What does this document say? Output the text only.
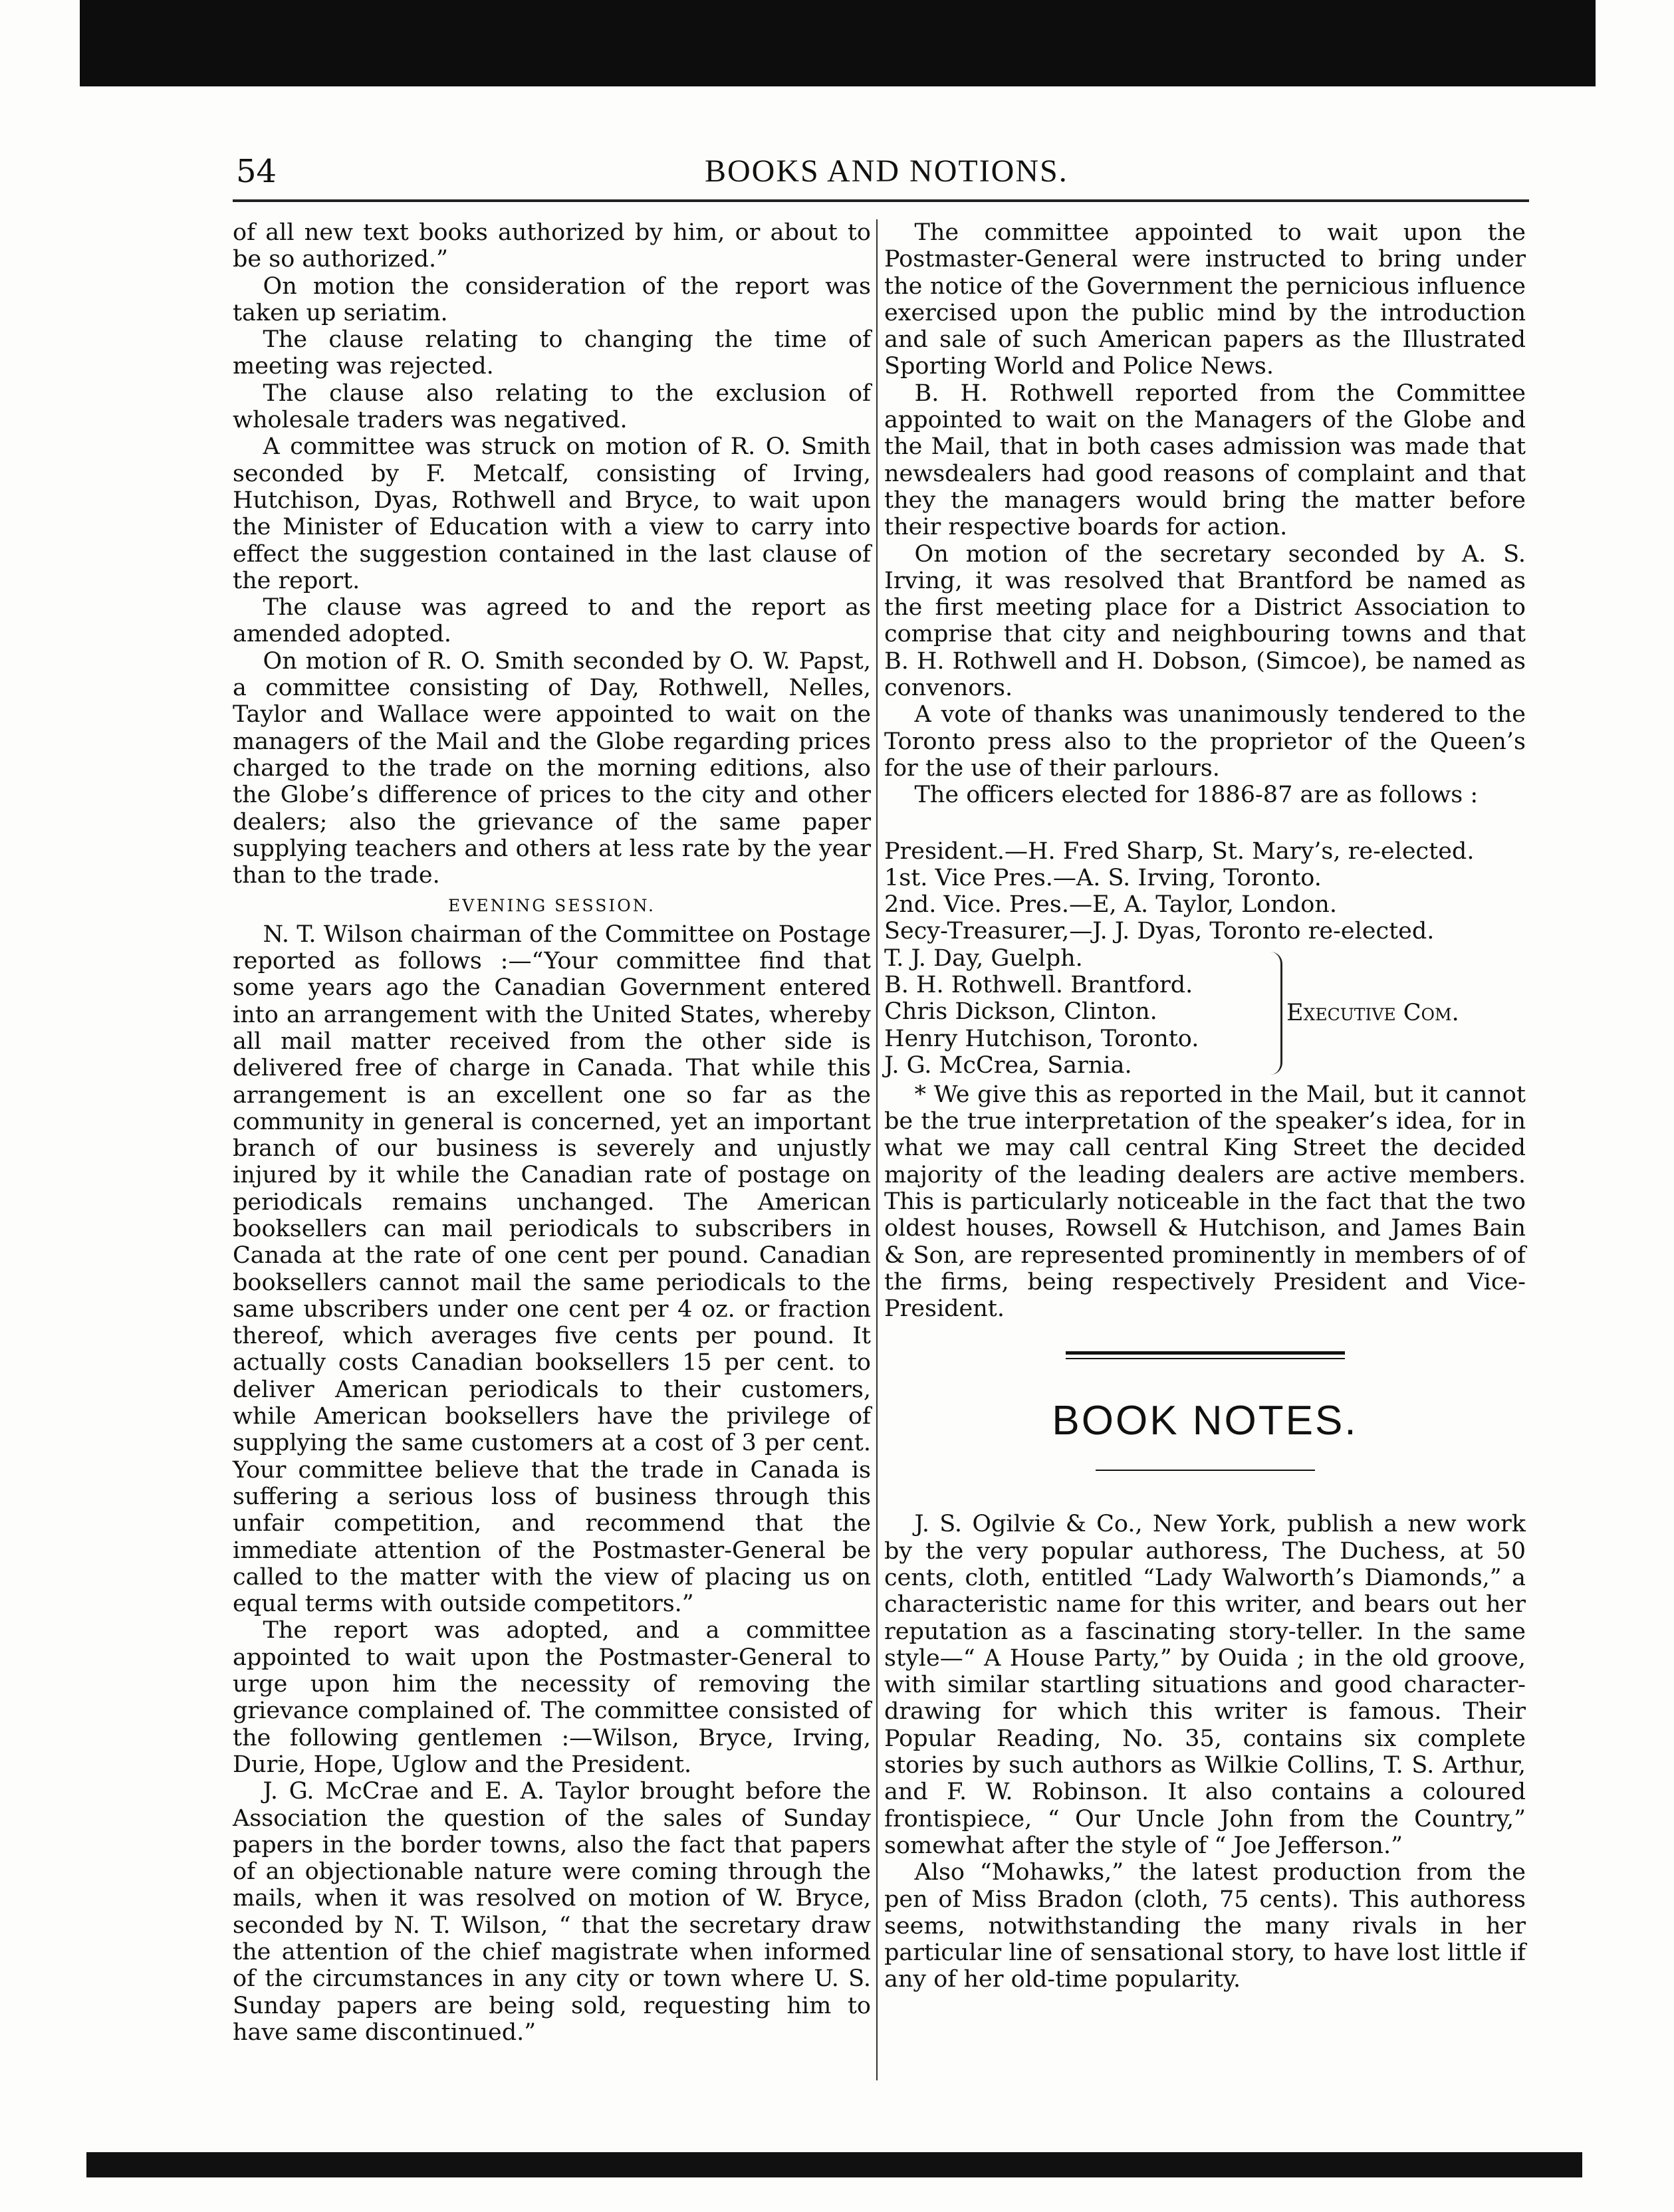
54	BOOKS AND NOTIONS.

of all new text books authorized by him, or about to be so authorized.”

On motion the consideration of the report was taken up seriatim.

The clause relating to changing the time of meeting was rejected.

The clause also relating to the exclusion of wholesale traders was negatived.

A committee was struck on motion of R. O. Smith seconded by F. Metcalf, consisting of Irving, Hutchison, Dyas, Rothwell and Bryce, to wait upon the Minister of Education with a view to carry into effect the suggestion contained in the last clause of the report.

The clause was agreed to and the report as amended adopted.

On motion of R. O. Smith seconded by O. W. Papst, a committee consisting of Day, Rothwell, Nelles, Taylor and Wallace were appointed to wait on the managers of the Mail and the Globe regarding prices charged to the trade on the morning editions, also the Globe’s difference of prices to the city and other dealers; also the grievance of the same paper supplying teachers and others at less rate by the year than to the trade.

EVENING SESSION.

N. T. Wilson chairman of the Committee on Postage reported as follows :—“Your committee find that some years ago the Canadian Government entered into an arrangement with the United States, whereby all mail matter received from the other side is delivered free of charge in Canada. That while this arrangement is an excellent one so far as the community in general is concerned, yet an important branch of our business is severely and unjustly injured by it while the Canadian rate of postage on periodicals remains unchanged. The American booksellers can mail periodicals to subscribers in Canada at the rate of one cent per pound. Canadian booksellers cannot mail the same periodicals to the same ubscribers under one cent per 4 oz. or fraction thereof, which averages five cents per pound. It actually costs Canadian booksellers 15 per cent. to deliver American periodicals to their customers, while American booksellers have the privilege of supplying the same customers at a cost of 3 per cent. Your committee believe that the trade in Canada is suffering a serious loss of business through this unfair competition, and recommend that the immediate attention of the Postmaster-General be called to the matter with the view of placing us on equal terms with outside competitors.”

The report was adopted, and a committee appointed to wait upon the Postmaster-General to urge upon him the necessity of removing the grievance complained of. The committee consisted of the following gentlemen :—Wilson, Bryce, Irving, Durie, Hope, Uglow and the President.

J. G. McCrae and E. A. Taylor brought before the Association the question of the sales of Sunday papers in the border towns, also the fact that papers of an objectionable nature were coming through the mails, when it was resolved on motion of W. Bryce, seconded by N. T. Wilson, “ that the secretary draw the attention of the chief magistrate when informed of the circumstances in any city or town where U. S. Sunday papers are being sold, requesting him to have same discontinued.”

The committee appointed to wait upon the Postmaster-General were instructed to bring under the notice of the Government the pernicious influence exercised upon the public mind by the introduction and sale of such American papers as the Illustrated Sporting World and Police News.

B. H. Rothwell reported from the Committee appointed to wait on the Managers of the Globe and the Mail, that in both cases admission was made that newsdealers had good reasons of complaint and that they the managers would bring the matter before their respective boards for action.

On motion of the secretary seconded by A. S. Irving, it was resolved that Brantford be named as the first meeting place for a District Association to comprise that city and neighbouring towns and that B. H. Rothwell and H. Dobson, (Simcoe), be named as convenors.

A vote of thanks was unanimously tendered to the Toronto press also to the proprietor of the Queen’s for the use of their parlours.

The officers elected for 1886-87 are as follows :

President.—H. Fred Sharp, St. Mary’s, re-elected.
1st. Vice Pres.—A. S. Irving, Toronto.
2nd. Vice. Pres.—E, A. Taylor, London.
Secy-Treasurer,—J. J. Dyas, Toronto re-elected.
T. J. Day, Guelph.
B. H. Rothwell. Brantford.
Chris Dickson, Clinton.
Henry Hutchison, Toronto.
J. G. McCrea, Sarnia.
Executive Com.

* We give this as reported in the Mail, but it cannot be the true interpretation of the speaker’s idea, for in what we may call central King Street the decided majority of the leading dealers are active members. This is particularly noticeable in the fact that the two oldest houses, Rowsell & Hutchison, and James Bain & Son, are represented prominently in members of of the firms, being respectively President and Vice-President.

BOOK NOTES.

J. S. Ogilvie & Co., New York, publish a new work by the very popular authoress, The Duchess, at 50 cents, cloth, entitled “Lady Walworth’s Diamonds,” a characteristic name for this writer, and bears out her reputation as a fascinating story-teller. In the same style—“ A House Party,” by Ouida ; in the old groove, with similar startling situations and good character-drawing for which this writer is famous. Their Popular Reading, No. 35, contains six complete stories by such authors as Wilkie Collins, T. S. Arthur, and F. W. Robinson. It also contains a coloured frontispiece, “ Our Uncle John from the Country,” somewhat after the style of “ Joe Jefferson.”

Also “Mohawks,” the latest production from the pen of Miss Bradon (cloth, 75 cents). This authoress seems, notwithstanding the many rivals in her particular line of sensational story, to have lost little if any of her old-time popularity.
